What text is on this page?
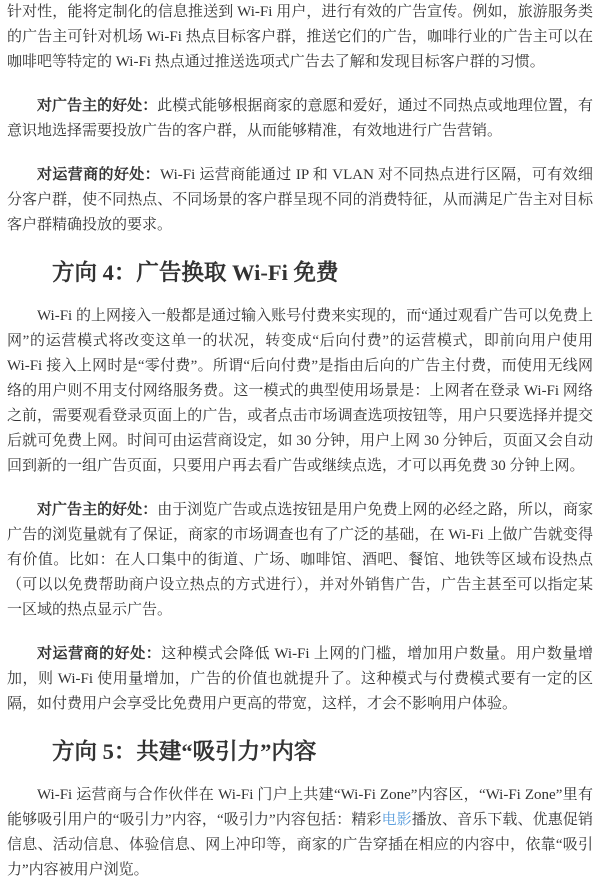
针对性，能将定制化的信息推送到 Wi-Fi 用户，进行有效的广告宣传。例如，旅游服务类的广告主可针对机场 Wi-Fi 热点目标客户群，推送它们的广告，咖啡行业的广告主可以在咖啡吧等特定的 Wi-Fi 热点通过推送选项式广告去了解和发现目标客户群的习惯。

对广告主的好处：此模式能够根据商家的意愿和爱好，通过不同热点或地理位置，有意识地选择需要投放广告的客户群，从而能够精准，有效地进行广告营销。

对运营商的好处：Wi-Fi 运营商能通过 IP 和 VLAN 对不同热点进行区隔，可有效细分客户群，使不同热点、不同场景的客户群呈现不同的消费特征，从而满足广告主对目标客户群精确投放的要求。

方向 4：广告换取 Wi-Fi 免费

Wi-Fi 的上网接入一般都是通过输入账号付费来实现的，而“通过观看广告可以免费上网”的运营模式将改变这单一的状况，转变成“后向付费”的运营模式，即前向用户使用 Wi-Fi 接入上网时是“零付费”。所谓“后向付费”是指由后向的广告主付费，而使用无线网络的用户则不用支付网络服务费。这一模式的典型使用场景是：上网者在登录 Wi-Fi 网络之前，需要观看登录页面上的广告，或者点击市场调查选项按钮等，用户只要选择并提交后就可免费上网。时间可由运营商设定，如 30 分钟，用户上网 30 分钟后，页面又会自动回到新的一组广告页面，只要用户再去看广告或继续点选，才可以再免费 30 分钟上网。

对广告主的好处：由于浏览广告或点选按钮是用户免费上网的必经之路，所以，商家广告的浏览量就有了保证，商家的市场调查也有了广泛的基础，在 Wi-Fi 上做广告就变得有价值。比如：在人口集中的街道、广场、咖啡馆、酒吧、餐馆、地铁等区域布设热点（可以以免费帮助商户设立热点的方式进行），并对外销售广告，广告主甚至可以指定某一区域的热点显示广告。

对运营商的好处：这种模式会降低 Wi-Fi 上网的门槛，增加用户数量。用户数量增加，则 Wi-Fi 使用量增加，广告的价值也就提升了。这种模式与付费模式要有一定的区隔，如付费用户会享受比免费用户更高的带宽，这样，才会不影响用户体验。

方向 5：共建“吸引力”内容

Wi-Fi 运营商与合作伙伴在 Wi-Fi 门户上共建“Wi-Fi Zone”内容区，“Wi-Fi Zone”里有能够吸引用户的“吸引力”内容，“吸引力”内容包括：精彩电影播放、音乐下载、优惠促销信息、活动信息、体验信息、网上冲印等，商家的广告穿插在相应的内容中，依靠“吸引力”内容被用户浏览。
